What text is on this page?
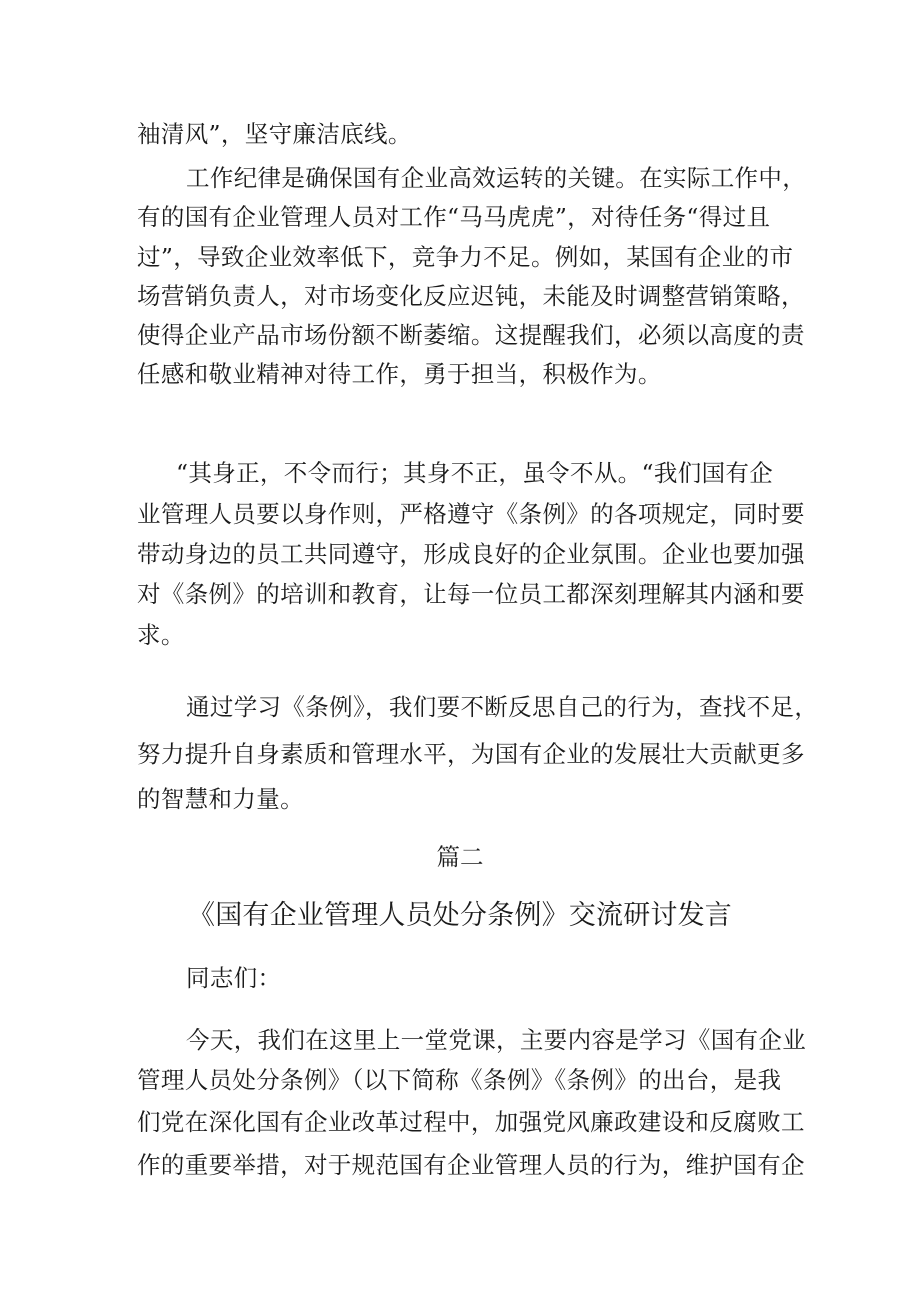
袖清风”，坚守廉洁底线。
工作纪律是确保国有企业高效运转的关键。在实际工作中，
有的国有企业管理人员对工作“马马虎虎”，对待任务“得过且
过”，导致企业效率低下，竞争力不足。例如，某国有企业的市
场营销负责人，对市场变化反应迟钝，未能及时调整营销策略，
使得企业产品市场份额不断萎缩。这提醒我们，必须以高度的责
任感和敬业精神对待工作，勇于担当，积极作为。
“其身正，不令而行；其身不正，虽令不从。“我们国有企
业管理人员要以身作则，严格遵守《条例》的各项规定，同时要
带动身边的员工共同遵守，形成良好的企业氛围。企业也要加强
对《条例》的培训和教育，让每一位员工都深刻理解其内涵和要
求。
通过学习《条例》，我们要不断反思自己的行为，查找不足，
努力提升自身素质和管理水平，为国有企业的发展壮大贡献更多
的智慧和力量。
篇二
《国有企业管理人员处分条例》交流研讨发言
同志们：
今天，我们在这里上一堂党课，主要内容是学习《国有企业
管理人员处分条例》（以下简称《条例》《条例》的出台，是我
们党在深化国有企业改革过程中，加强党风廉政建设和反腐败工
作的重要举措，对于规范国有企业管理人员的行为，维护国有企
